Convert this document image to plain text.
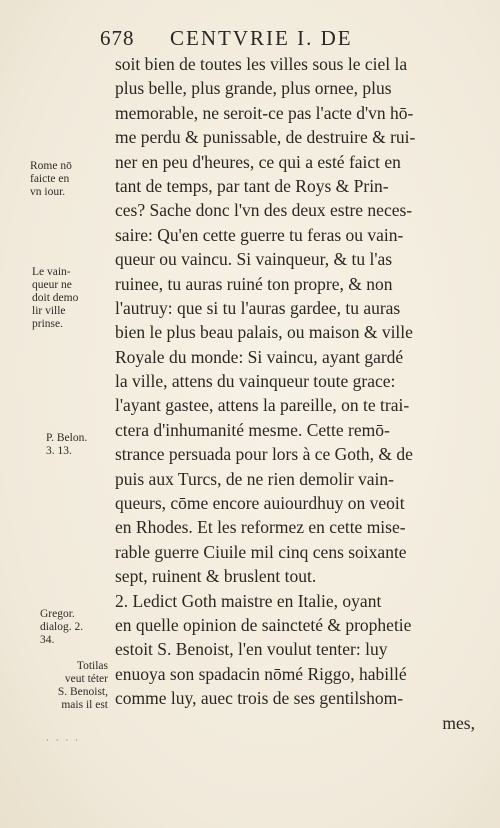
678 CENTVRIE I. DE
soit bien de toutes les villes sous le ciel la
plus belle, plus grande, plus ornee, plus
memorable, ne seroit-ce pas l'acte d'vn hō-
me perdu & punissable, de destruire & rui-
ner en peu d'heures, ce qui a esté faict en
tant de temps, par tant de Roys & Prin-
ces? Sache donc l'vn des deux estre neces-
saire: Qu'en cette guerre tu feras ou vain-
queur ou vaincu. Si vainqueur, & tu l'as
ruinee, tu auras ruiné ton propre, & non
l'autruy: que si tu l'auras gardee, tu auras
bien le plus beau palais, ou maison & ville
Royale du monde: Si vaincu, ayant gardé
la ville, attens du vainqueur toute grace:
l'ayant gastee, attens la pareille, on te trai-
ctera d'inhumanité mesme. Cette remō-
strance persuada pour lors à ce Goth, & de
puis aux Turcs, de ne rien demolir vain-
queurs, cōme encore auiourdhuy on veoit
en Rhodes. Et les reformez en cette mise-
rable guerre Ciuile mil cinq cens soixante
sept, ruinent & bruslent tout.
2. Ledict Goth maistre en Italie, oyant
en quelle opinion de saincteté & prophetie
estoit S. Benoist, l'en voulut tenter: luy
enuoya son spadacin nōmé Riggo, habillé
comme luy, auec trois de ses gentilshom-
mes,
Rome nō
faicte en
vn iour.
Le vain-
queur ne
doit demo
lir ville
prinse.
P. Belon.
3. 13.
Gregor.
dialog. 2.
34.
Totilas
veut téter
S. Benoist,
mais il est
· · · ·
